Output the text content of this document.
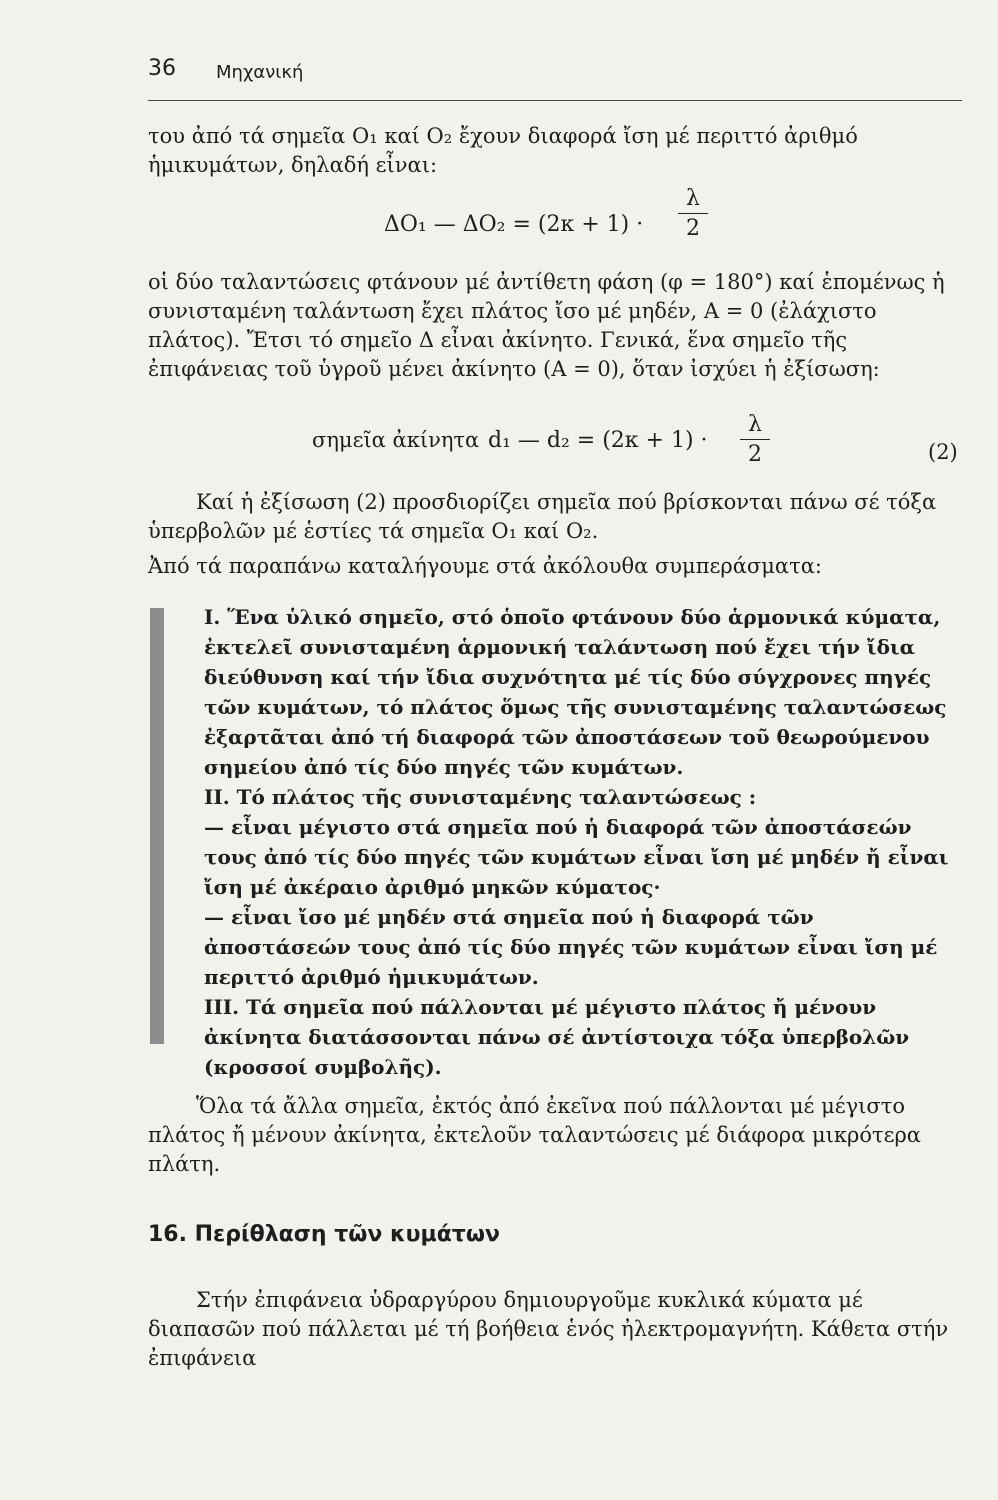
36 Μηχανική
του ἀπό τά σημεῖα O₁ καί O₂ ἔχουν διαφορά ἴση μέ περιττό ἀριθμό ἡμικυμάτων, δηλαδή εἶναι:
ΔO₁ — ΔO₂ = (2κ + 1) ·
λ
2
οἱ δύο ταλαντώσεις φτάνουν μέ ἀντίθετη φάση (φ = 180°) καί ἑπομένως ἡ συνισταμένη ταλάντωση ἔχει πλάτος ἴσο μέ μηδέν, A = 0 (ἐλάχιστο πλάτος). Ἔτσι τό σημεῖο Δ εἶναι ἀκίνητο. Γενικά, ἕνα σημεῖο τῆς ἐπιφάνειας τοῦ ὑγροῦ μένει ἀκίνητο (A = 0), ὅταν ἰσχύει ἡ ἐξίσωση:
σημεῖα ἀκίνητα d₁ — d₂ = (2κ + 1) ·
λ
2	(2)
Καί ἡ ἐξίσωση (2) προσδιορίζει σημεῖα πού βρίσκονται πάνω σέ τόξα ὑπερβολῶν μέ ἑστίες τά σημεῖα O₁ καί O₂.
Ἀπό τά παραπάνω καταλήγουμε στά ἀκόλουθα συμπεράσματα:
I. Ἕνα ὑλικό σημεῖο, στό ὁποῖο φτάνουν δύο ἁρμονικά κύματα, ἐκτελεῖ συνισταμένη ἁρμονική ταλάντωση πού ἔχει τήν ἴδια διεύθυνση καί τήν ἴδια συχνότητα μέ τίς δύο σύγχρονες πηγές τῶν κυμάτων, τό πλάτος ὅμως τῆς συνισταμένης ταλαντώσεως ἐξαρτᾶται ἀπό τή διαφορά τῶν ἀποστάσεων τοῦ θεωρούμενου σημείου ἀπό τίς δύο πηγές τῶν κυμάτων.
II. Τό πλάτος τῆς συνισταμένης ταλαντώσεως :
— εἶναι μέγιστο στά σημεῖα πού ἡ διαφορά τῶν ἀποστάσεών τους ἀπό τίς δύο πηγές τῶν κυμάτων εἶναι ἴση μέ μηδέν ἤ εἶναι ἴση μέ ἀκέραιο ἀριθμό μηκῶν κύματος·
— εἶναι ἴσο μέ μηδέν στά σημεῖα πού ἡ διαφορά τῶν ἀποστάσεών τους ἀπό τίς δύο πηγές τῶν κυμάτων εἶναι ἴση μέ περιττό ἀριθμό ἡμικυμάτων.
III. Τά σημεῖα πού πάλλονται μέ μέγιστο πλάτος ἤ μένουν ἀκίνητα διατάσσονται πάνω σέ ἀντίστοιχα τόξα ὑπερβολῶν (κροσσοί συμβολῆς).
Ὅλα τά ἄλλα σημεῖα, ἐκτός ἀπό ἐκεῖνα πού πάλλονται μέ μέγιστο πλάτος ἤ μένουν ἀκίνητα, ἐκτελοῦν ταλαντώσεις μέ διάφορα μικρότερα πλάτη.
16. Περίθλαση τῶν κυμάτων
Στήν ἐπιφάνεια ὑδραργύρου δημιουργοῦμε κυκλικά κύματα μέ διαπασῶν πού πάλλεται μέ τή βοήθεια ἑνός ἠλεκτρομαγνήτη. Κάθετα στήν ἐπιφάνεια
